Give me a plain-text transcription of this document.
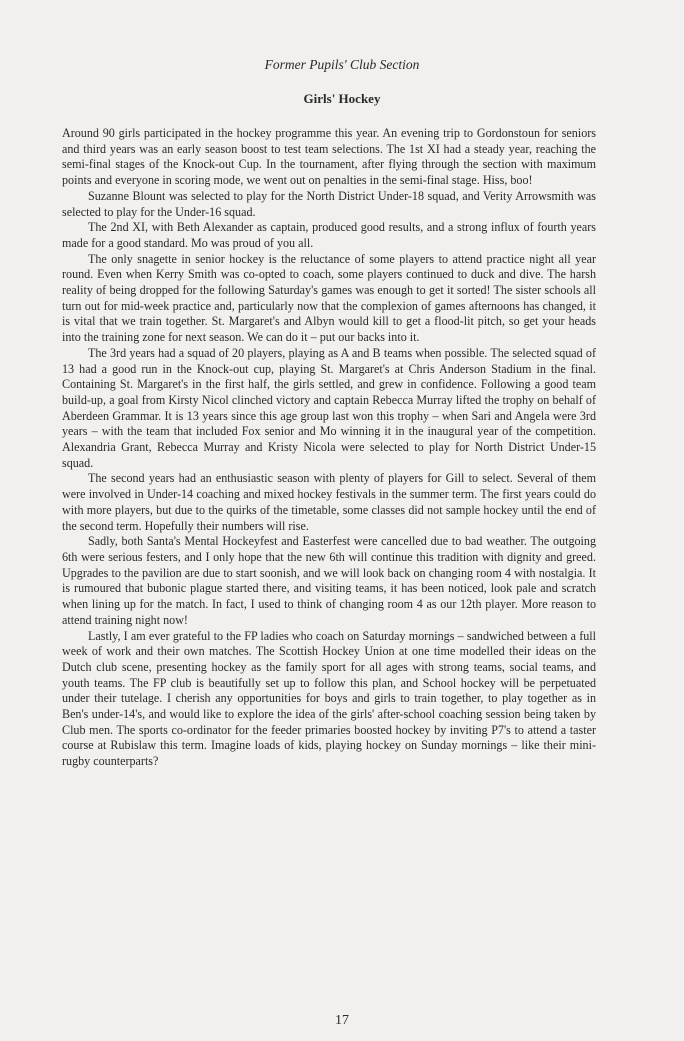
Former Pupils' Club Section
Girls' Hockey

Around 90 girls participated in the hockey programme this year. An evening trip to Gordonstoun for seniors and third years was an early season boost to test team selections. The 1st XI had a steady year, reaching the semi-final stages of the Knock-out Cup. In the tournament, after flying through the section with maximum points and everyone in scoring mode, we went out on penalties in the semi-final stage. Hiss, boo!

Suzanne Blount was selected to play for the North District Under-18 squad, and Verity Arrowsmith was selected to play for the Under-16 squad.

The 2nd XI, with Beth Alexander as captain, produced good results, and a strong influx of fourth years made for a good standard. Mo was proud of you all.

The only snagette in senior hockey is the reluctance of some players to attend practice night all year round. Even when Kerry Smith was co-opted to coach, some players continued to duck and dive. The harsh reality of being dropped for the following Saturday's games was enough to get it sorted! The sister schools all turn out for mid-week practice and, particularly now that the complexion of games afternoons has changed, it is vital that we train together. St. Margaret's and Albyn would kill to get a flood-lit pitch, so get your heads into the training zone for next season. We can do it – put our backs into it.

The 3rd years had a squad of 20 players, playing as A and B teams when possible. The selected squad of 13 had a good run in the Knock-out cup, playing St. Margaret's at Chris Anderson Stadium in the final. Containing St. Margaret's in the first half, the girls settled, and grew in confidence. Following a good team build-up, a goal from Kirsty Nicol clinched victory and captain Rebecca Murray lifted the trophy on behalf of Aberdeen Grammar. It is 13 years since this age group last won this trophy – when Sari and Angela were 3rd years – with the team that included Fox senior and Mo winning it in the inaugural year of the competition. Alexandria Grant, Rebecca Murray and Kristy Nicola were selected to play for North District Under-15 squad.

The second years had an enthusiastic season with plenty of players for Gill to select. Several of them were involved in Under-14 coaching and mixed hockey festivals in the summer term. The first years could do with more players, but due to the quirks of the timetable, some classes did not sample hockey until the end of the second term. Hopefully their numbers will rise.

Sadly, both Santa's Mental Hockeyfest and Easterfest were cancelled due to bad weather. The outgoing 6th were serious festers, and I only hope that the new 6th will continue this tradition with dignity and greed. Upgrades to the pavilion are due to start soonish, and we will look back on changing room 4 with nostalgia. It is rumoured that bubonic plague started there, and visiting teams, it has been noticed, look pale and scratch when lining up for the match. In fact, I used to think of changing room 4 as our 12th player. More reason to attend training night now!

Lastly, I am ever grateful to the FP ladies who coach on Saturday mornings – sandwiched between a full week of work and their own matches. The Scottish Hockey Union at one time modelled their ideas on the Dutch club scene, presenting hockey as the family sport for all ages with strong teams, social teams, and youth teams. The FP club is beautifully set up to follow this plan, and School hockey will be perpetuated under their tutelage. I cherish any opportunities for boys and girls to train together, to play together as in Ben's under-14's, and would like to explore the idea of the girls' after-school coaching session being taken by Club men. The sports co-ordinator for the feeder primaries boosted hockey by inviting P7's to attend a taster course at Rubislaw this term. Imagine loads of kids, playing hockey on Sunday mornings – like their mini-rugby counterparts?

17
